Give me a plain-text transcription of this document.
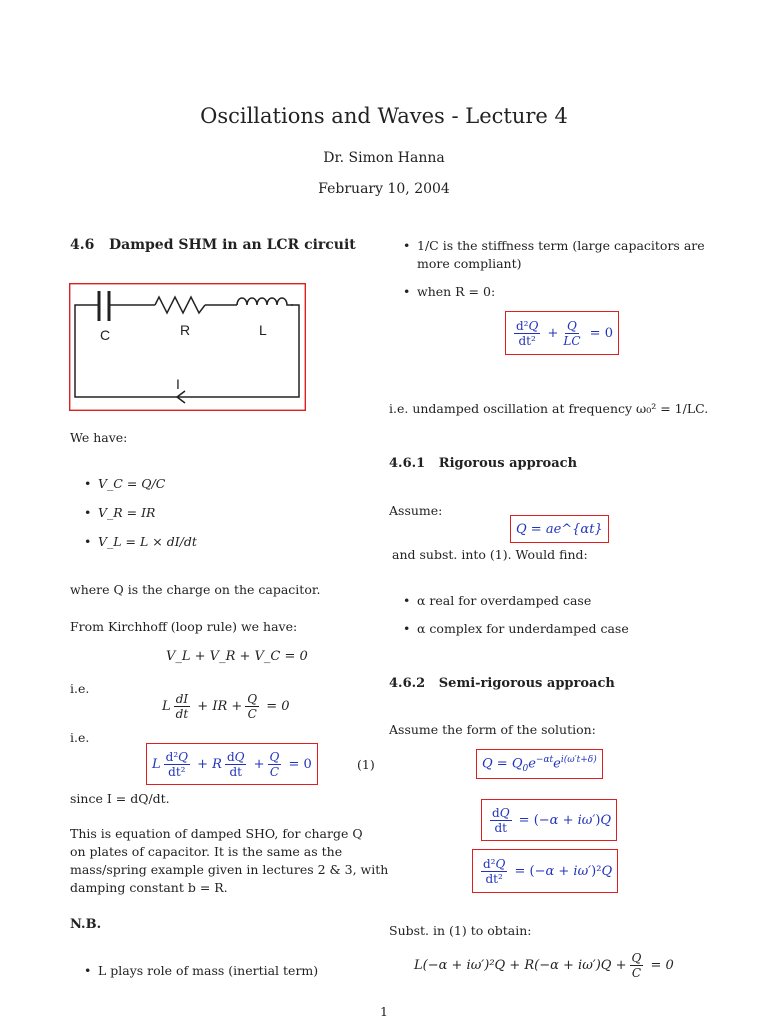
Oscillations and Waves - Lecture 4
Dr. Simon Hanna
February 10, 2004
4.6 Damped SHM in an LCR circuit
C	R	L
I
We have:
• V_C = Q/C
• V_R = IR
• V_L = L × dI/dt
where Q is the charge on the capacitor.
From Kirchhoff (loop rule) we have:
V_L + V_R + V_C = 0
i.e.
L $\frac{dI}{dt}$ + IR + $\frac{Q}{C} = 0$
i.e.
L $\frac{\text{d²Q}}{\text{dt²}} + R \frac{dQ}{dt} + \frac{Q}{C} = 0$	(1)
since I = dQ/dt.
This is equation of damped SHO, for charge Q
on plates of capacitor. It is the same as the
mass/spring example given in lectures 2 & 3, with
damping constant b = R.
N.B.
• L plays role of mass (inertial term)
• 1/C is the stiffness term (large capacitors are
more compliant)
• when R = 0:
$\frac{\text{d²Q}}{\text{dt²}} + \frac{Q}{LC} = 0$
i.e. undamped oscillation at frequency ω₀² = 1/LC.
4.6.1 Rigorous approach
Assume:
Q = ae^{αt}
and subst. into (1). Would find:
• α real for overdamped case
• α complex for underdamped case
4.6.2 Semi-rigorous approach
Assume the form of the solution:
$Q = Q_0e^{-\alpha t}e^{i(\omega't+\delta)}$
$\frac{dQ}{dt} = (-\alpha + i\omega')Q$
$\frac{\text{d²Q}}{\text{dt²}} = (-\alpha + i\omega')^2Q$
Subst. in (1) to obtain:
$L(-\alpha + i\omega')^2Q + R(-\alpha + i\omega')Q + \frac{Q}{C} = 0$
1
